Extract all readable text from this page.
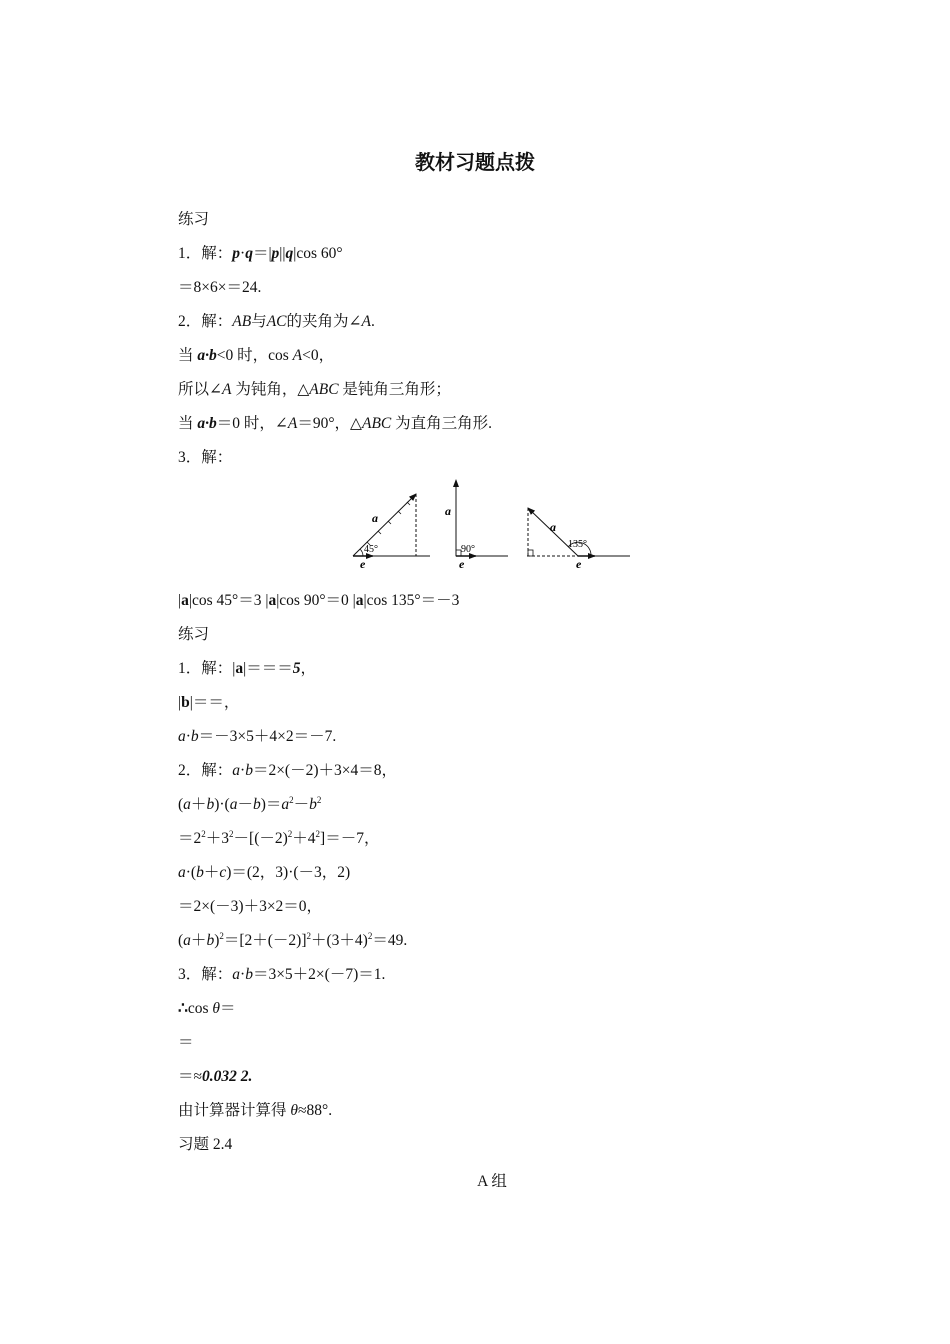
教材习题点拨
练习
1．解：p·q＝|p||q|cos 60°
＝8×6×＝24.
2．解：AB与AC的夹角为∠A.
当 a·b<0 时，cos A<0，
所以∠A 为钝角，△ABC 是钝角三角形；
当 a·b＝0 时，∠A＝90°，△ABC 为直角三角形.
3．解：
45°
a
e
90°
a
e
135°
a
e
|a|cos 45°＝3 |a|cos 90°＝0 |a|cos 135°＝－3
练习
1．解：|a|＝＝＝5，
|b|＝＝，
a·b＝－3×5＋4×2＝－7.
2．解：a·b＝2×(－2)＋3×4＝8，
$(a+b)\cdot(a-b)=a^2-b^2$
$=2^2+3^2-[(-2)^2+4^2]=-7$，
a·(b＋c)＝(2，3)·(－3，2)
＝2×(－3)＋3×2＝0，
$(a+b)^2=[2+(-2)]^2+(3+4)^2=49$.
3．解：a·b＝3×5＋2×(－7)＝1.
∴cos θ＝
＝
＝≈0.032 2.
由计算器计算得 θ≈88°.
习题 2.4
A 组
